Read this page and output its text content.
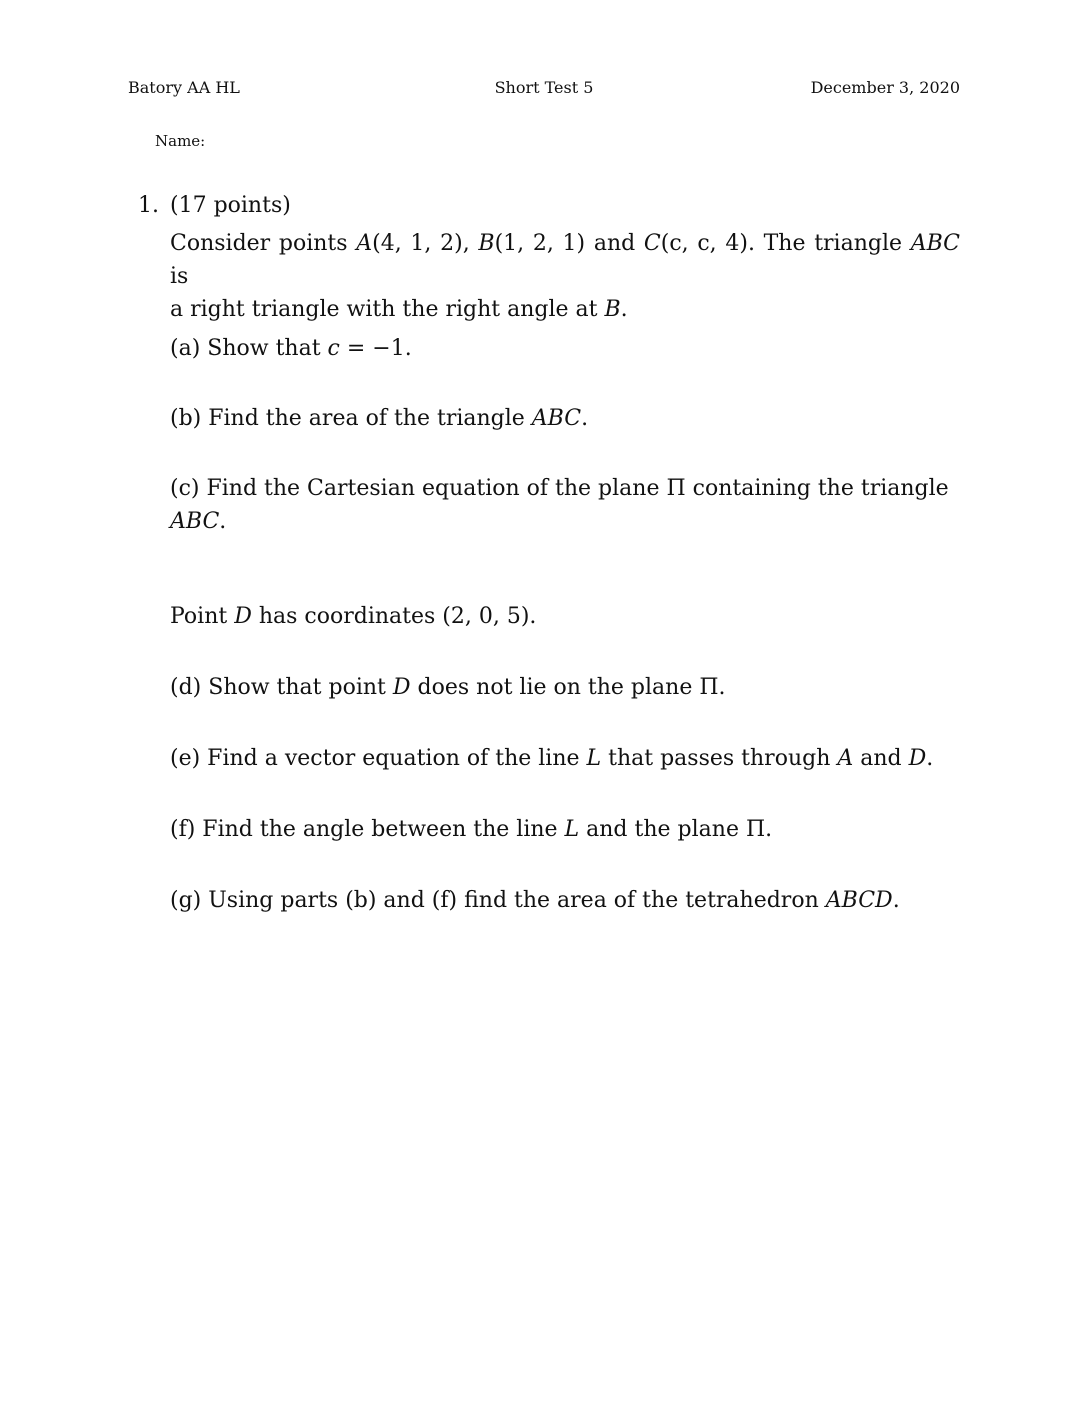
Batory AA HL	Short Test 5	December 3, 2020
Name:
1. (17 points)
Consider points A(4, 1, 2), B(1, 2, 1) and C(c, c, 4). The triangle ABC is
a right triangle with the right angle at B.
(a) Show that c = −1.
(b) Find the area of the triangle ABC.
(c) Find the Cartesian equation of the plane Π containing the triangle
ABC.
Point D has coordinates (2, 0, 5).
(d) Show that point D does not lie on the plane Π.
(e) Find a vector equation of the line L that passes through A and D.
(f) Find the angle between the line L and the plane Π.
(g) Using parts (b) and (f) find the area of the tetrahedron ABCD.
